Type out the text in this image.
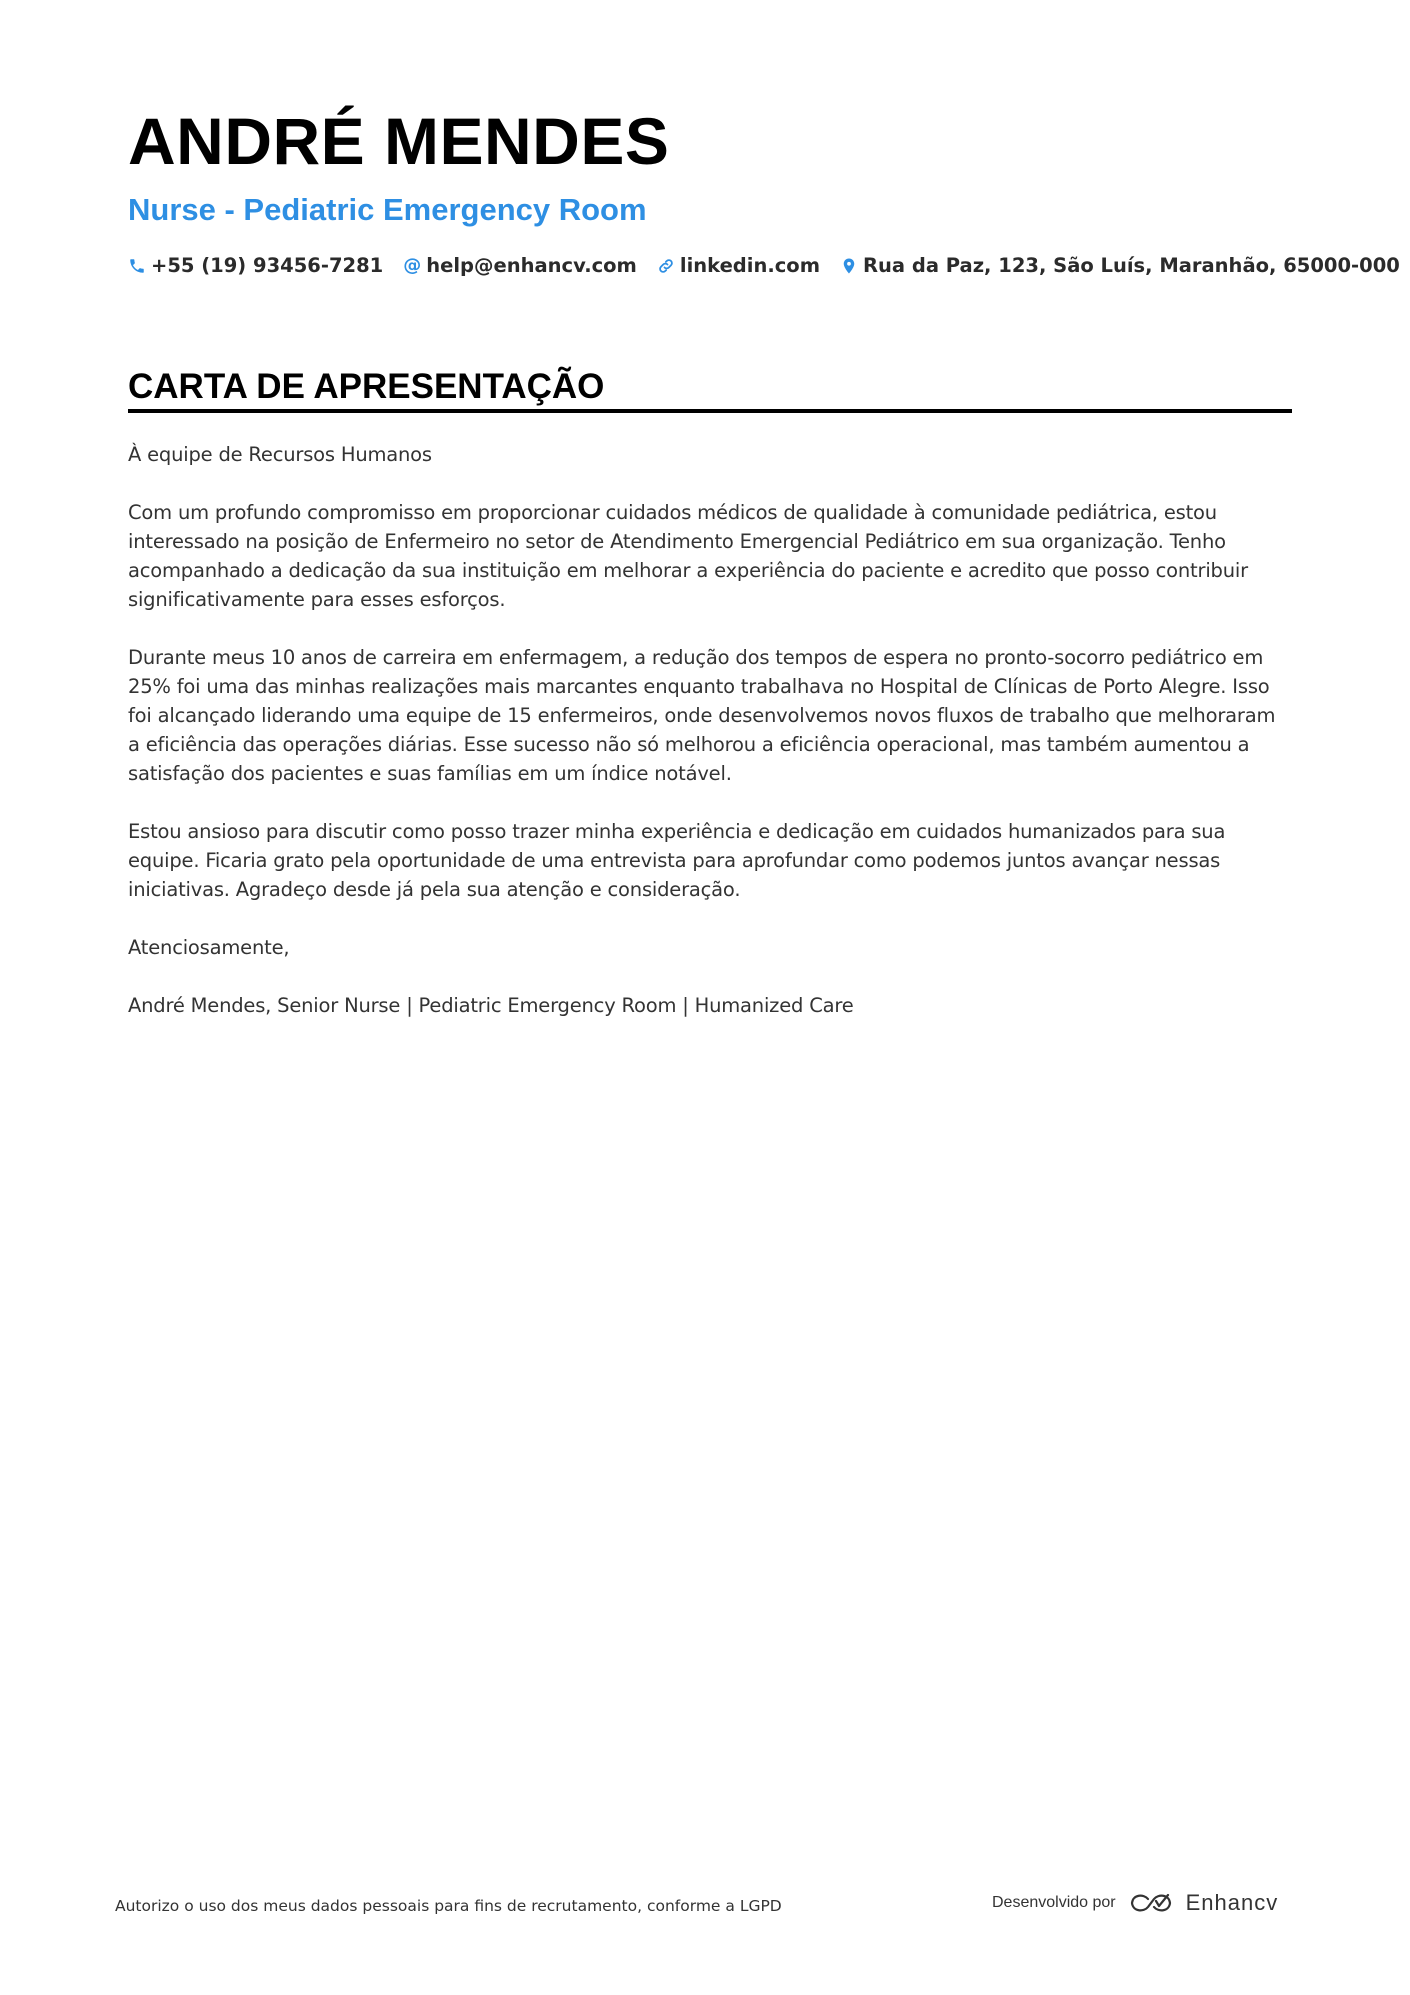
ANDRÉ MENDES
Nurse - Pediatric Emergency Room
+55 (19) 93456-7281 @ help@enhancv.com linkedin.com Rua da Paz, 123, São Luís, Maranhão, 65000-000
CARTA DE APRESENTAÇÃO

À equipe de Recursos Humanos

Com um profundo compromisso em proporcionar cuidados médicos de qualidade à comunidade pediátrica, estou interessado na posição de Enfermeiro no setor de Atendimento Emergencial Pediátrico em sua organização. Tenho acompanhado a dedicação da sua instituição em melhorar a experiência do paciente e acredito que posso contribuir significativamente para esses esforços.

Durante meus 10 anos de carreira em enfermagem, a redução dos tempos de espera no pronto-socorro pediátrico em 25% foi uma das minhas realizações mais marcantes enquanto trabalhava no Hospital de Clínicas de Porto Alegre. Isso foi alcançado liderando uma equipe de 15 enfermeiros, onde desenvolvemos novos fluxos de trabalho que melhoraram a eficiência das operações diárias. Esse sucesso não só melhorou a eficiência operacional, mas também aumentou a satisfação dos pacientes e suas famílias em um índice notável.

Estou ansioso para discutir como posso trazer minha experiência e dedicação em cuidados humanizados para sua equipe. Ficaria grato pela oportunidade de uma entrevista para aprofundar como podemos juntos avançar nessas iniciativas. Agradeço desde já pela sua atenção e consideração.

Atenciosamente,

André Mendes, Senior Nurse | Pediatric Emergency Room | Humanized Care

Autorizo o uso dos meus dados pessoais para fins de recrutamento, conforme a LGPD	Desenvolvido por	Enhancv
